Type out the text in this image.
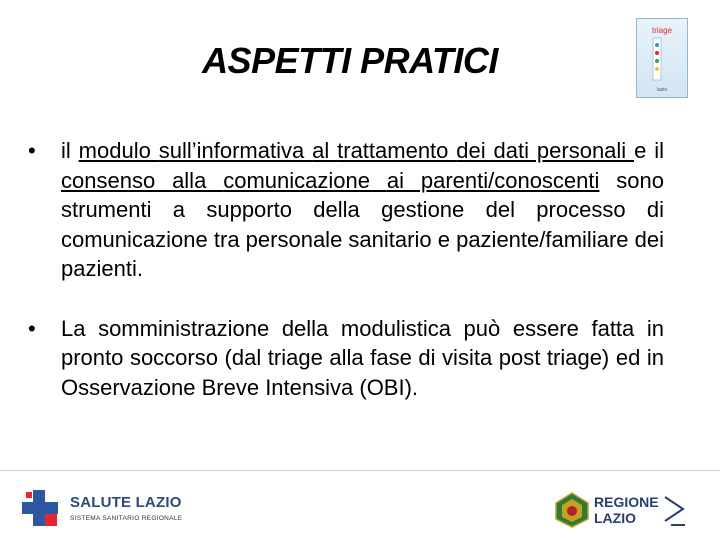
ASPETTI PRATICI
triage
lazio
•	il modulo sull’informativa al trattamento dei dati personali e il consenso alla comunicazione ai parenti/conoscenti sono strumenti a supporto della gestione del processo di comunicazione tra personale sanitario e paziente/familiare dei pazienti.
•	La somministrazione della modulistica può essere fatta in pronto soccorso (dal triage alla fase di visita post triage) ed in Osservazione Breve Intensiva (OBI).
SALUTE LAZIO
SISTEMA SANITARIO REGIONALE
REGIONE
LAZIO
